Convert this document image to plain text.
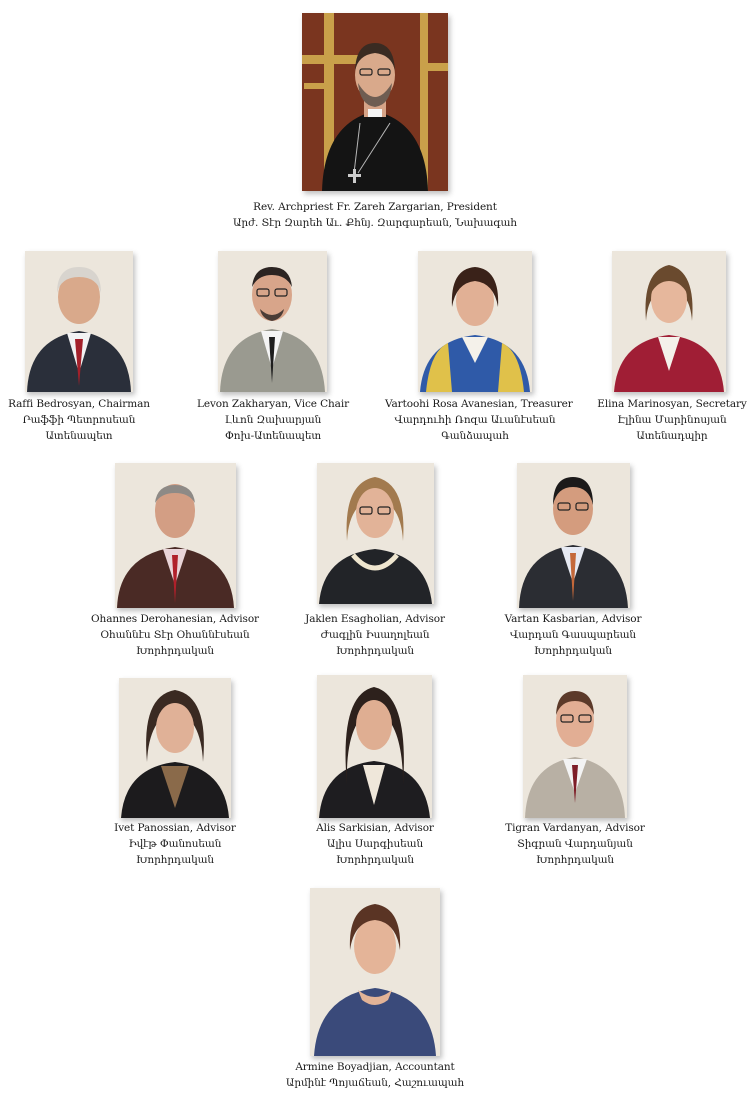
Rev. Archpriest Fr. Zareh Zargarian, President
Արժ. Տէր Զարեհ Աւ. Քհնյ. Զարգարեան, Նախագահ
Raffi Bedrosyan, Chairman
Րաֆֆի Պետրոսեան
Ատենապետ
Levon Zakharyan, Vice Chair
Լևոն Զախարյան
Փոխ-Ատենապետ
Vartoohi Rosa Avanesian, Treasurer
Վարդուհի Ռոզա Աւանէսեան
Գանձապահ
Elina Marinosyan, Secretary
Էլինա Մարինոսյան
Ատենադպիր
Ohannes Derohanesian, Advisor
Օհաննէս Տէր Օհաննէսեան
Խորհրդական
Jaklen Esagholian, Advisor
Ժագլին Իսաղոլեան
Խորհրդական
Vartan Kasbarian, Advisor
Վարդան Գասպարեան
Խորհրդական
Ivet Panossian, Advisor
Իվէթ Փանոսեան
Խորհրդական
Alis Sarkisian, Advisor
Ալիս Սարգիսեան
Խորհրդական
Tigran Vardanyan, Advisor
Տիգրան Վարդանյան
Խորհրդական
Armine Boyadjian, Accountant
Արմինէ Պոյաճեան, Հաշուապահ
